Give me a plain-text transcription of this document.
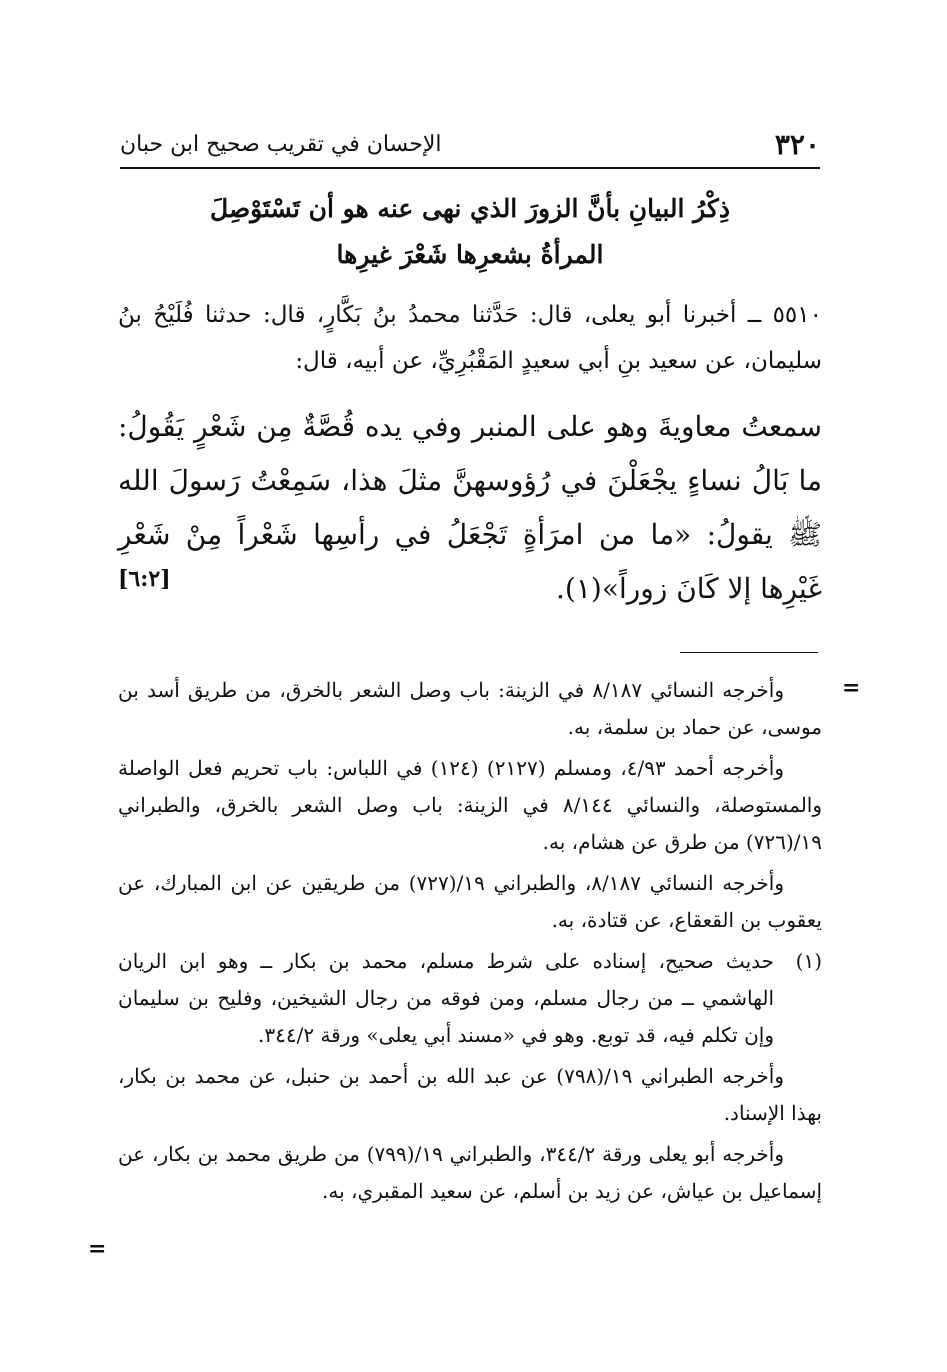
٣٢٠
الإحسان في تقريب صحيح ابن حبان
ذِكْرُ البيانِ بأنَّ الزورَ الذي نهى عنه هو أن تَسْتَوْصِلَ
المرأةُ بشعرِها شَعْرَ غيرِها
٥٥١٠ ــ أخبرنا أبو يعلى، قال: حَدَّثنا محمدُ بنُ بَكَّارٍ، قال: حدثنا فُلَيْحُ بنُ سليمان، عن سعيد بنِ أبي سعيدٍ المَقْبُرِيِّ، عن أبيه، قال:
سمعتُ معاويةَ وهو على المنبر وفي يده قُصَّةٌ مِن شَعْرٍ يَقُولُ: ما بَالُ نساءٍ يجْعَلْنَ في رُؤوسهنَّ مثلَ هذا، سَمِعْتُ رَسولَ الله ﷺ يقولُ: «ما من امرَأةٍ تَجْعَلُ في رأسِها شَعْراً مِنْ شَعْرِ غَيْرِها إلا كَانَ زوراً»(١).
[٦:٢]
=

وأخرجه النسائي ٨/١٨٧ في الزينة: باب وصل الشعر بالخرق، من طريق أسد بن موسى، عن حماد بن سلمة، به.

وأخرجه أحمد ٤/٩٣، ومسلم (٢١٢٧) (١٢٤) في اللباس: باب تحريم فعل الواصلة والمستوصلة، والنسائي ٨/١٤٤ في الزينة: باب وصل الشعر بالخرق، والطبراني ١٩/(٧٢٦) من طرق عن هشام، به.

وأخرجه النسائي ٨/١٨٧، والطبراني ١٩/(٧٢٧) من طريقين عن ابن المبارك، عن يعقوب بن القعقاع، عن قتادة، به.

(١)
حديث صحيح، إسناده على شرط مسلم، محمد بن بكار ــ وهو ابن الريان الهاشمي ــ من رجال مسلم، ومن فوقه من رجال الشيخين، وفليح بن سليمان وإن تكلم فيه، قد توبع. وهو في «مسند أبي يعلى» ورقة ٣٤٤/٢.

وأخرجه الطبراني ١٩/(٧٩٨) عن عبد الله بن أحمد بن حنبل، عن محمد بن بكار، بهذا الإسناد.

وأخرجه أبو يعلى ورقة ٣٤٤/٢، والطبراني ١٩/(٧٩٩) من طريق محمد بن بكار، عن إسماعيل بن عياش، عن زيد بن أسلم، عن سعيد المقبري، به.

=
